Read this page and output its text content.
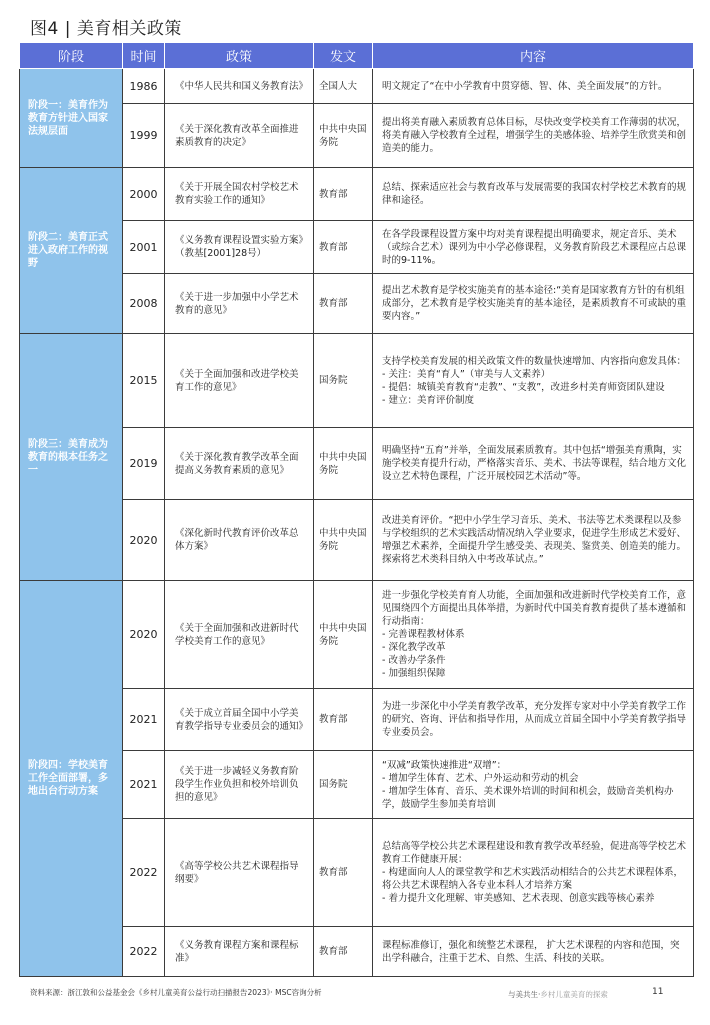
图4 | 美育相关政策
阶段	时间	政策	发文	内容
阶段一：美育作为教育方针进入国家法规层面	1986	《中华人民共和国义务教育法》	全国人大	明文规定了“在中小学教育中贯穿德、智、体、美全面发展”的方针。
	1999	《关于深化教育改革全面推进素质教育的决定》	中共中央国务院	提出将美育融入素质教育总体目标，尽快改变学校美育工作薄弱的状况，将美育融入学校教育全过程，增强学生的美感体验、培养学生欣赏美和创造美的能力。
阶段二：美育正式进入政府工作的视野	2000	《关于开展全国农村学校艺术教育实验工作的通知》	教育部	总结、探索适应社会与教育改革与发展需要的我国农村学校艺术教育的规律和途径。
	2001	《义务教育课程设置实验方案》（教基[2001]28号）	教育部	在各学段课程设置方案中均对美育课程提出明确要求，规定音乐、美术（或综合艺术）课列为中小学必修课程，义务教育阶段艺术课程应占总课时的9-11%。
	2008	《关于进一步加强中小学艺术教育的意见》	教育部	提出艺术教育是学校实施美育的基本途径:“美育是国家教育方针的有机组成部分，艺术教育是学校实施美育的基本途径，是素质教育不可或缺的重要内容。”
阶段三：美育成为教育的根本任务之一	2015	《关于全面加强和改进学校美育工作的意见》	国务院	支持学校美育发展的相关政策文件的数量快速增加、内容指向愈发具体：
- 关注：美育“育人”（审美与人文素养）
- 提倡：城镇美育教育“走教”、“支教”，改进乡村美育师资团队建设
- 建立：美育评价制度
	2019	《关于深化教育教学改革全面提高义务教育素质的意见》	中共中央国务院	明确坚持“五育”并举，全面发展素质教育。其中包括“增强美育熏陶，实施学校美育提升行动，严格落实音乐、美术、书法等课程，结合地方文化设立艺术特色课程，广泛开展校园艺术活动”等。
	2020	《深化新时代教育评价改革总体方案》	中共中央国务院	改进美育评价。“把中小学生学习音乐、美术、书法等艺术类课程以及参与学校组织的艺术实践活动情况纳入学业要求，促进学生形成艺术爱好、增强艺术素养，全面提升学生感受美、表现美、鉴赏美、创造美的能力。探索将艺术类科目纳入中考改革试点。”
阶段四：学校美育工作全面部署，多地出台行动方案	2020	《关于全面加强和改进新时代学校美育工作的意见》	中共中央国务院	进一步强化学校美育育人功能，全面加强和改进新时代学校美育工作，意见围绕四个方面提出具体举措，为新时代中国美育教育提供了基本遵循和行动指南：
- 完善课程教材体系
- 深化教学改革
- 改善办学条件
- 加强组织保障
	2021	《关于成立首届全国中小学美育教学指导专业委员会的通知》	教育部	为进一步深化中小学美育教学改革，充分发挥专家对中小学美育教学工作的研究、咨询、评估和指导作用，从而成立首届全国中小学美育教学指导专业委员会。
	2021	《关于进一步减轻义务教育阶段学生作业负担和校外培训负担的意见》	国务院	“双减”政策快速推进“双增”：
- 增加学生体育、艺术、户外运动和劳动的机会
- 增加学生体育、音乐、美术课外培训的时间和机会，鼓励音美机构办学，鼓励学生参加美育培训
	2022	《高等学校公共艺术课程指导纲要》	教育部	总结高等学校公共艺术课程建设和教育教学改革经验，促进高等学校艺术教育工作健康开展：
- 构建面向人人的课堂教学和艺术实践活动相结合的公共艺术课程体系，将公共艺术课程纳入各专业本科人才培养方案
- 着力提升文化理解、审美感知、艺术表现、创意实践等核心素养
	2022	《义务教育课程方案和课程标准》	教育部	课程标准修订，强化和统整艺术课程， 扩大艺术课程的内容和范围，突出学科融合，注重于艺术、自然、生活、科技的关联。
资料来源：浙江敦和公益基金会《乡村儿童美育公益行动扫描报告2023》· MSC咨询分析	与美共生·乡村儿童美育的探索	11
